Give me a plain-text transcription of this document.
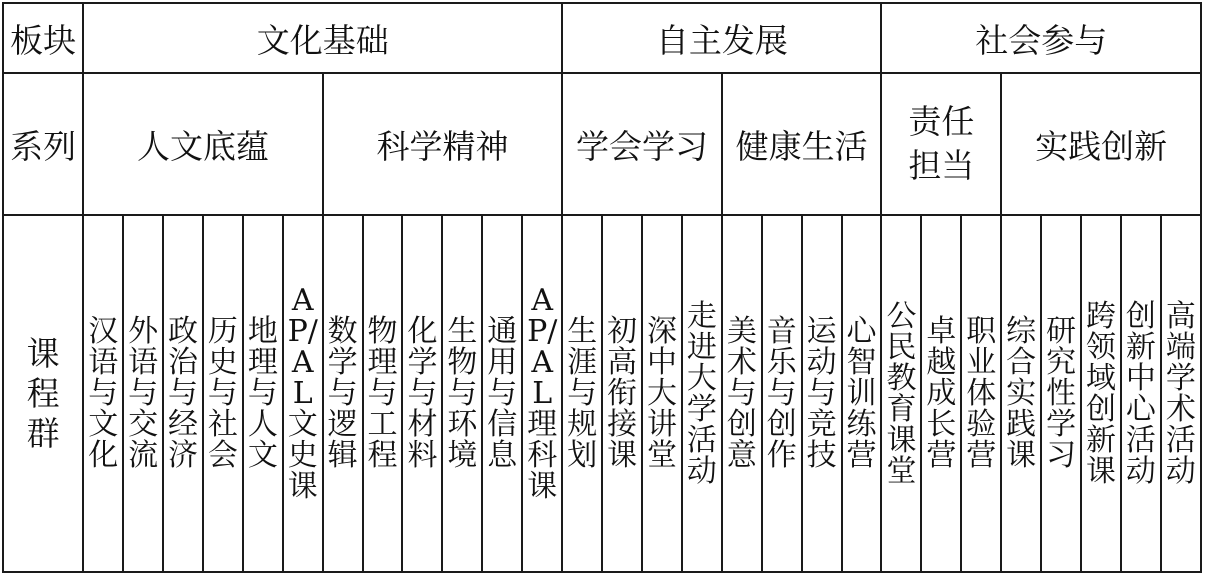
板块	文化基础												自主发展								社会参与							
系列	人文底蕴						科学精神						学会学习				健康生活				责任担当			实践创新				
课程群	汉语与文化	外语与交流	政治与经济	历史与社会	地理与人文	AP/AL文史课	数学与逻辑	物理与工程	化学与材料	生物与环境	通用与信息	AP/AL理科课	生涯与规划	初高衔接课	深中大讲堂	走进大学活动	美术与创意	音乐与创作	运动与竞技	心智训练营	公民教育课堂	卓越成长营	职业体验营	综合实践课	研究性学习	跨领域创新课	创新中心活动	高端学术活动
